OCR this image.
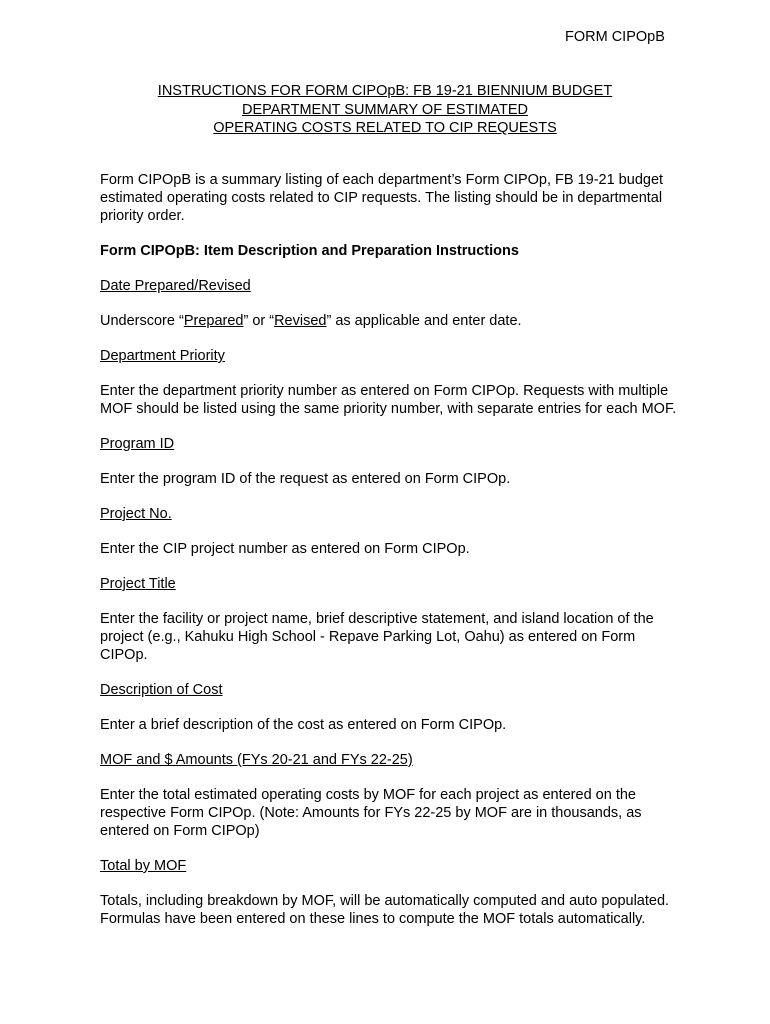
FORM CIPOpB
INSTRUCTIONS FOR FORM CIPOpB: FB 19-21 BIENNIUM BUDGET
DEPARTMENT SUMMARY OF ESTIMATED
OPERATING COSTS RELATED TO CIP REQUESTS

Form CIPOpB is a summary listing of each department’s Form CIPOp, FB 19-21 budget estimated operating costs related to CIP requests. The listing should be in departmental priority order.

Form CIPOpB: Item Description and Preparation Instructions

Date Prepared/Revised

Underscore “Prepared” or “Revised” as applicable and enter date.

Department Priority

Enter the department priority number as entered on Form CIPOp. Requests with multiple MOF should be listed using the same priority number, with separate entries for each MOF.

Program ID

Enter the program ID of the request as entered on Form CIPOp.

Project No.

Enter the CIP project number as entered on Form CIPOp.

Project Title

Enter the facility or project name, brief descriptive statement, and island location of the project (e.g., Kahuku High School - Repave Parking Lot, Oahu) as entered on Form CIPOp.

Description of Cost

Enter a brief description of the cost as entered on Form CIPOp.

MOF and $ Amounts (FYs 20-21 and FYs 22-25)

Enter the total estimated operating costs by MOF for each project as entered on the respective Form CIPOp. (Note: Amounts for FYs 22-25 by MOF are in thousands, as entered on Form CIPOp)

Total by MOF

Totals, including breakdown by MOF, will be automatically computed and auto populated. Formulas have been entered on these lines to compute the MOF totals automatically.
